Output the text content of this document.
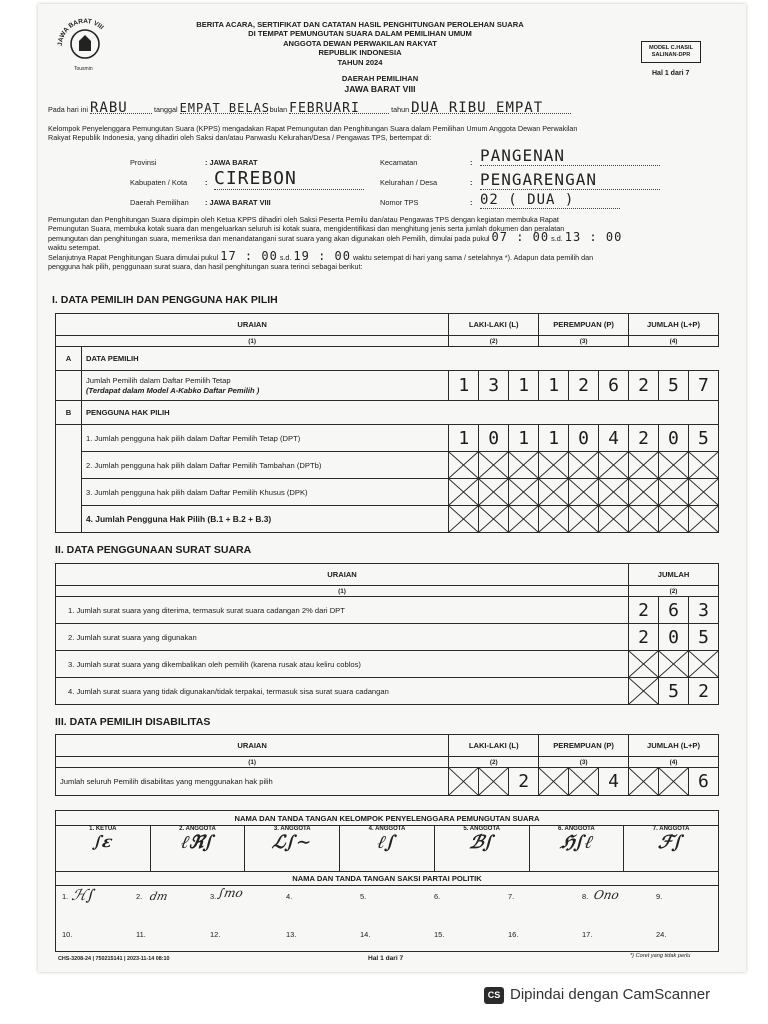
JAWA BARAT VIII
Tousmin
BERITA ACARA, SERTIFIKAT DAN CATATAN HASIL PENGHITUNGAN PEROLEHAN SUARA
DI TEMPAT PEMUNGUTAN SUARA DALAM PEMILIHAN UMUM
ANGGOTA DEWAN PERWAKILAN RAKYAT
REPUBLIK INDONESIA
TAHUN 2024
MODEL C.HASIL
SALINAN-DPR
Hal 1 dari 7
DAERAH PEMILIHAN
JAWA BARAT VIII
Pada hari ini RABU	tanggal EMPAT BELAS bulan FEBRUARI	tahun DUA RIBU EMPAT
Kelompok Penyelenggara Pemungutan Suara (KPPS) mengadakan Rapat Pemungutan dan Penghitungan Suara dalam Pemilihan Umum Anggota Dewan Perwakilan
Rakyat Republik Indonesia, yang dihadiri oleh Saksi dan/atau Panwaslu Kelurahan/Desa / Pengawas TPS, bertempat di:
Provinsi	: JAWA BARAT
Kabupaten / Kota : CIREBON
Daerah Pemilihan : JAWA BARAT VIII
Kecamatan	: PANGENAN
Kelurahan / Desa	: PENGARENGAN
Nomor TPS	: 02 ( DUA )
Pemungutan dan Penghitungan Suara dipimpin oleh Ketua KPPS dihadiri oleh Saksi Peserta Pemilu dan/atau Pengawas TPS dengan kegiatan membuka Rapat
Pemungutan Suara, membuka kotak suara dan mengeluarkan seluruh isi kotak suara, mengidentifikasi dan menghitung jenis serta jumlah dokumen dan peralatan
pemungutan dan penghitungan suara, memeriksa dan menandatangani surat suara yang akan digunakan oleh Pemilih, dimulai pada pukul 07 : 00 s.d. 13 : 00
waktu setempat.
Selanjutnya Rapat Penghitungan Suara dimulai pukul 17 : 00 s.d. 19 : 00 waktu setempat di hari yang sama / setelahnya *). Adapun data pemilih dan
pengguna hak pilih, penggunaan surat suara, dan hasil penghitungan suara terinci sebagai berikut:
I. DATA PEMILIH DAN PENGGUNA HAK PILIH
URAIAN		LAKI-LAKI (L)			PEREMPUAN (P)			JUMLAH (L+P)		
(1)		(2)			(3)			(4)		
A	DATA PEMILIH									

	Jumlah Pemilih dalam Daftar Pemilih Tetap
(Terdapat dalam Model A-Kabko Daftar Pemilih )	1	3	1	1	2	6	2	5	7
B	PENGGUNA HAK PILIH									
	1. Jumlah pengguna hak pilih dalam Daftar Pemilih Tetap (DPT)	1	0	1	1	0	4	2	0	5
	2. Jumlah pengguna hak pilih dalam Daftar Pemilih Tambahan (DPTb)	

	3. Jumlah pengguna hak pilih dalam Daftar Pemilih Khusus (DPK)	

	4. Jumlah Pengguna Hak Pilih (B.1 + B.2 + B.3)	

II. DATA PENGGUNAAN SURAT SUARA
URAIAN	JUMLAH		
(1)	(2)		
1. Jumlah surat suara yang diterima, termasuk surat suara cadangan 2% dari DPT	2	6	3
2. Jumlah surat suara yang digunakan	2	0	5
3. Jumlah surat suara yang dikembalikan oleh pemilih (karena rusak atau keliru coblos)	

4. Jumlah surat suara yang tidak digunakan/tidak terpakai, termasuk sisa surat suara cadangan		5	2
III. DATA PEMILIH DISABILITAS
URAIAN	LAKI-LAKI (L)			PEREMPUAN (P)			JUMLAH (L+P)		
(1)	(2)			(3)			(4)		
Jumlah seluruh Pemilih disabilitas yang menggunakan hak pilih			2			4			6
NAMA DAN TANDA TANGAN KELOMPOK PENYELENGGARA PEMUNGUTAN SUARA

1. KETUA
∫ε

2. ANGGOTA
ℓℜ∫

3. ANGGOTA
ℒ∫∼

4. ANGGOTA
ℓ∫

5. ANGGOTA
ℬ∫

6. ANGGOTA
ℌ∫ℓ

7. ANGGOTA
ℱ∫

NAMA DAN TANDA TANGAN SAKSI PARTAI POLITIK
1. ℋ∫	2. dm	3. ∫mo	4.	5.	6.	7.	8. Ono	9.
10.	11.	12.	13.	14.	15.	16.	17.	24.
CHS-3208-24 | 750215141 | 2023-11-14 08:10	Hal 1 dari 7	*) Coret yang tidak perlu
CS Dipindai dengan CamScanner
